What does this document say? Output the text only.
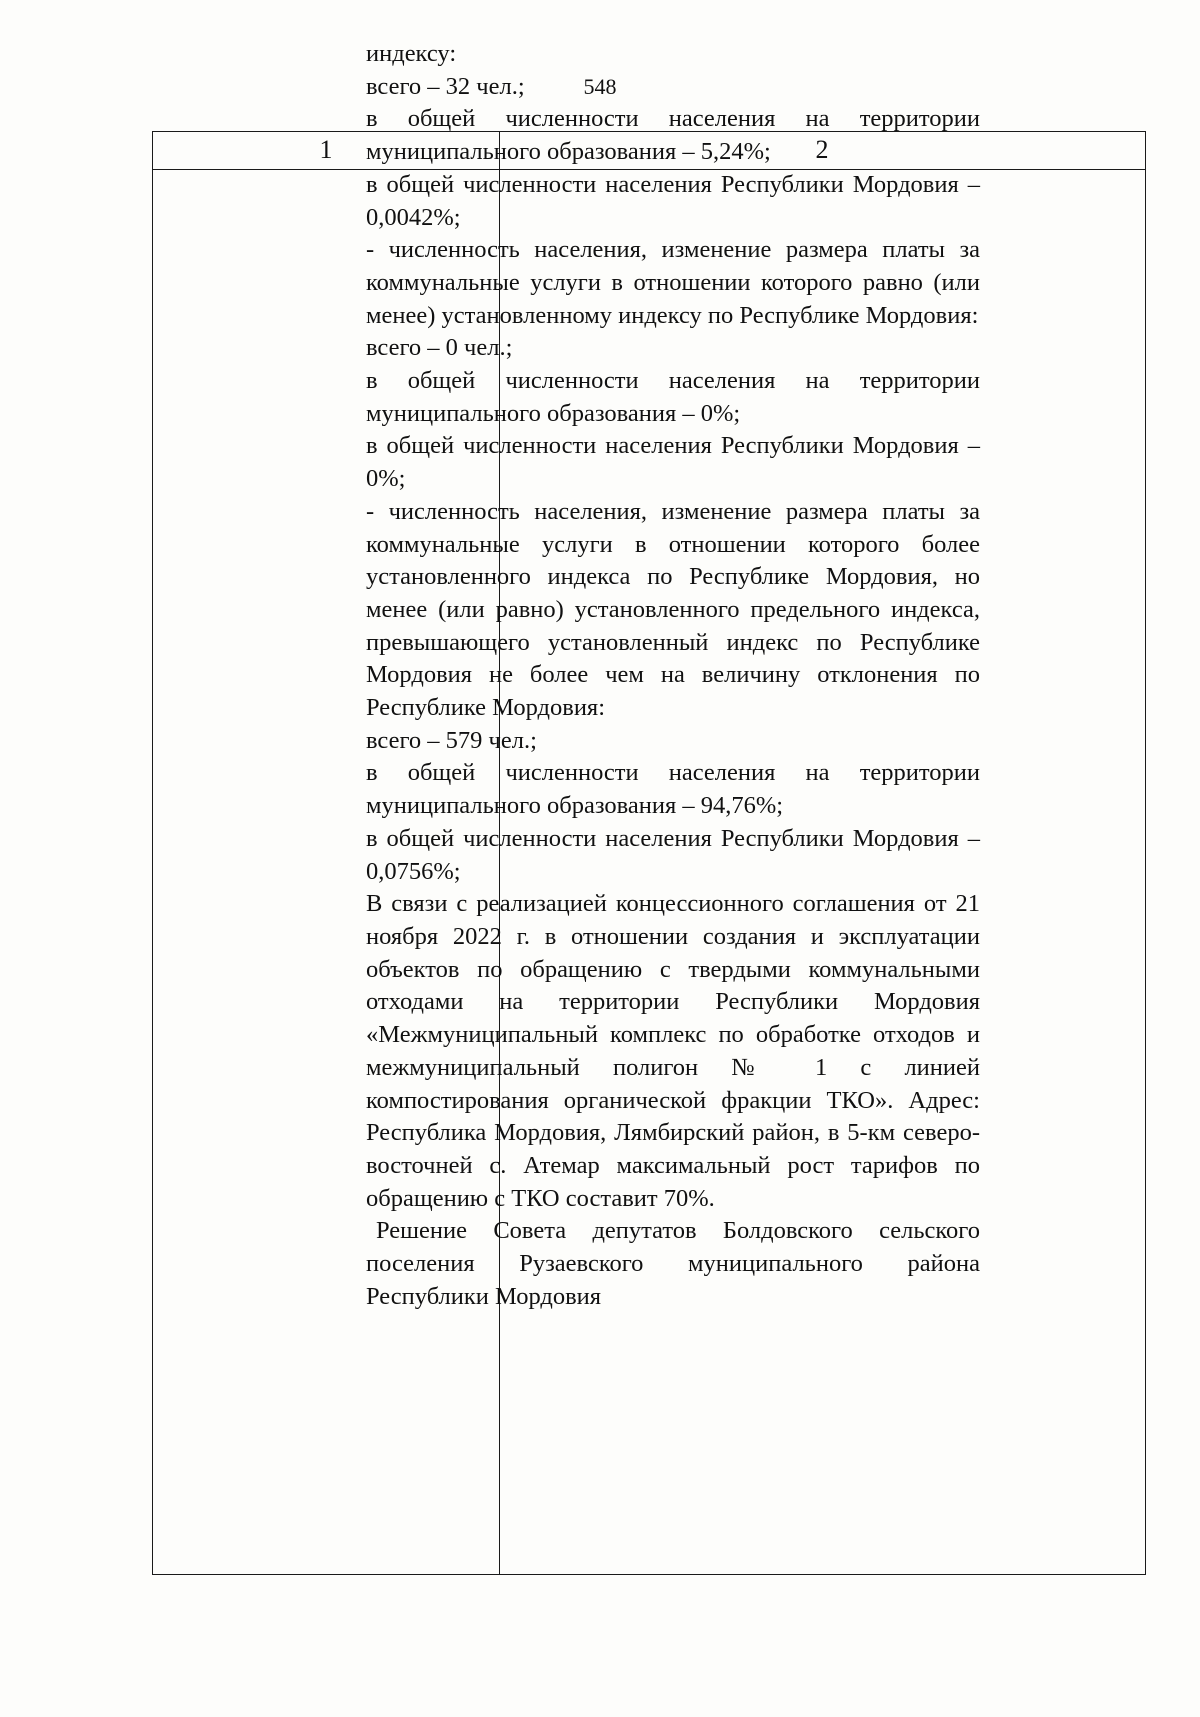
548
1	2

индексу:

всего – 32 чел.;

в общей численности населения на территории муниципального образования – 5,24%;

в общей численности населения Республики Мордовия – 0,0042%;

- численность населения, изменение размера платы за коммунальные услуги в отношении которого равно (или менее) установленному индексу по Республике Мордовия:

всего – 0 чел.;

в общей численности населения на территории муниципального образования – 0%;

в общей численности населения Республики Мордовия – 0%;

- численность населения, изменение размера платы за коммунальные услуги в отношении которого более установленного индекса по Республике Мордовия, но менее (или равно) установленного предельного индекса, превышающего установленный индекс по Республике Мордовия не более чем на величину отклонения по Республике Мордовия:

всего – 579 чел.;

в общей численности населения на территории муниципального образования – 94,76%;

в общей численности населения Республики Мордовия – 0,0756%;

В связи с реализацией концессионного соглашения от 21 ноября 2022 г. в отношении создания и эксплуатации объектов по обращению с твердыми коммунальными отходами на территории Республики Мордовия «Межмуниципальный комплекс по обработке отходов и межмуниципальный полигон № 1 с линией компостирования органической фракции ТКО». Адрес: Республика Мордовия, Лямбирский район, в 5-км северо-восточней с. Атемар максимальный рост тарифов по обращению с ТКО составит 70%.

Решение Совета депутатов Болдовского сельского поселения Рузаевского муниципального района Республики Мордовия
